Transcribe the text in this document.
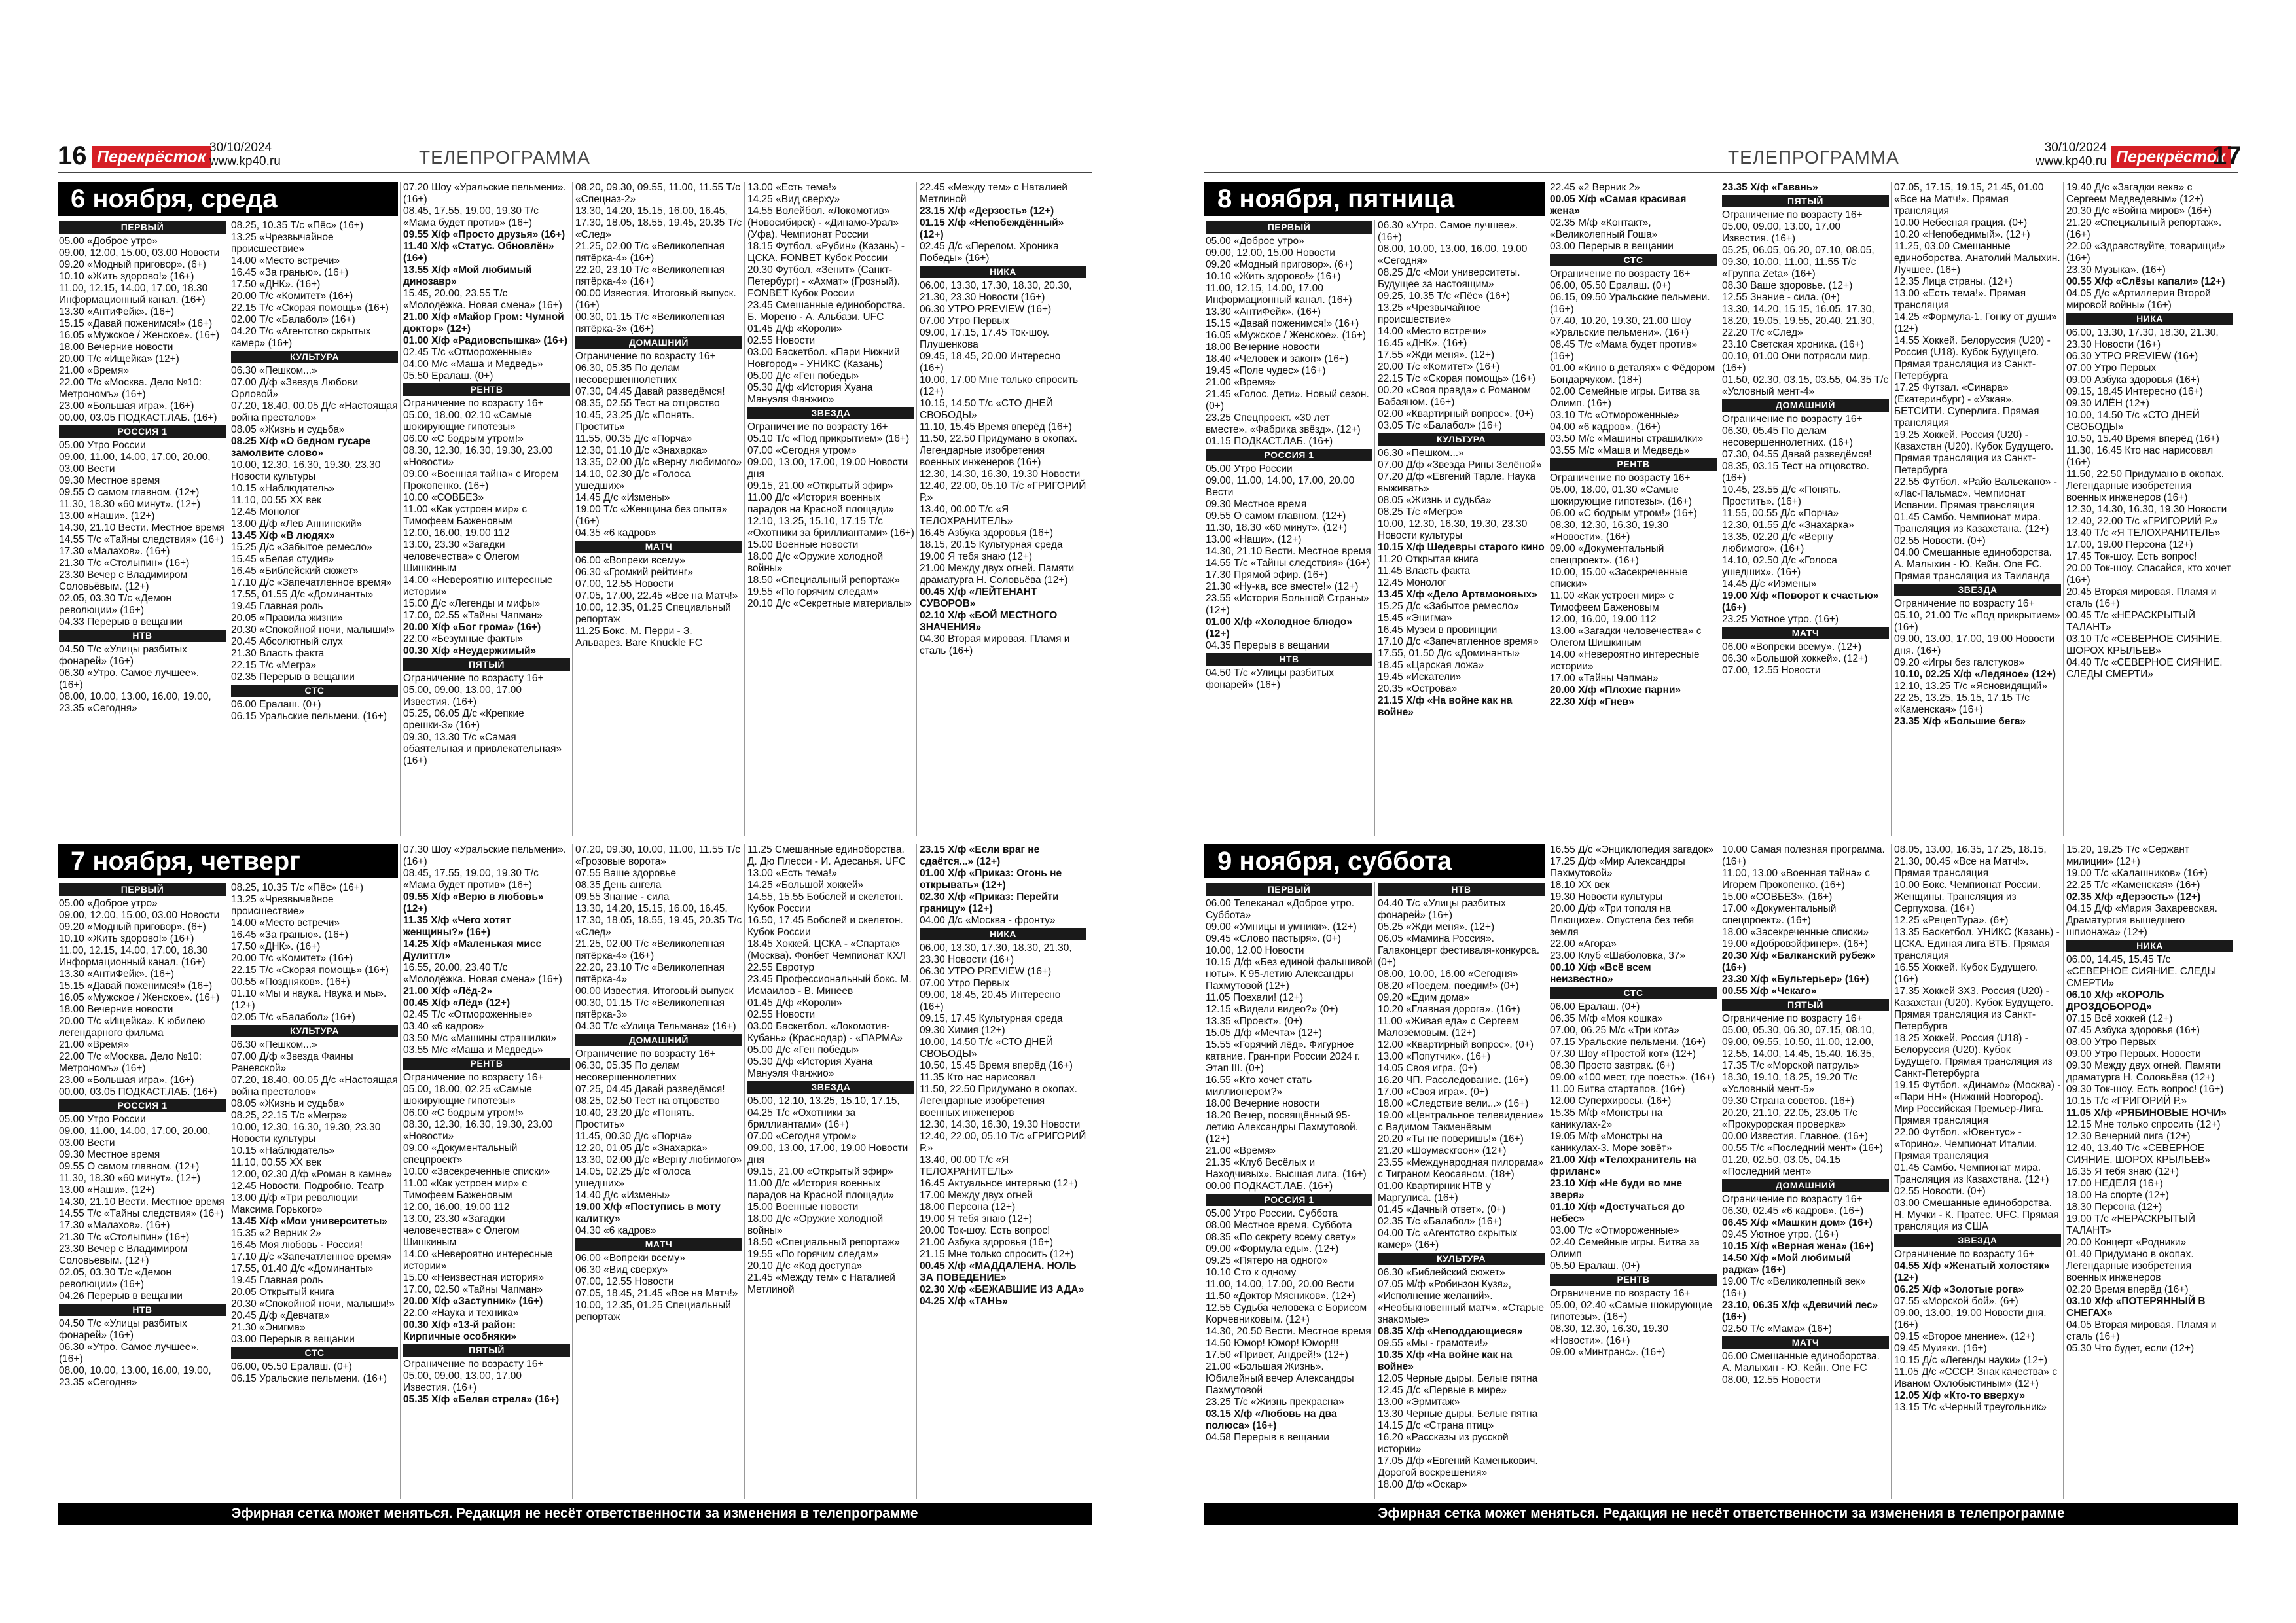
16 Перекрёсток
30/10/2024
www.kp40.ru	ТЕЛЕПРОГРАММА
ПЕРВЫЙ
05.00 «Доброе утро»
09.00, 12.00, 15.00, 03.00 Новости
09.20 «Модный приговор». (6+)
10.10 «Жить здорово!» (16+)
11.00, 12.15, 14.00, 17.00, 18.30 Информационный канал. (16+)
13.30 «АнтиФейк». (16+)
15.15 «Давай поженимся!» (16+)
16.05 «Мужское / Женское». (16+)
18.00 Вечерние новости
20.00 Т/с «Ищейка» (12+)
21.00 «Время»
22.00 Т/с «Москва. Дело №10: Метрономъ» (16+)
23.00 «Большая игра». (16+)
00.00, 03.05 ПОДКАСТ.ЛАБ. (16+)
РОССИЯ 1
05.00 Утро России
09.00, 11.00, 14.00, 17.00, 20.00, 03.00 Вести
09.30 Местное время
09.55 О самом главном. (12+)
11.30, 18.30 «60 минут». (12+)
13.00 «Наши». (12+)
14.30, 21.10 Вести. Местное время
14.55 Т/с «Тайны следствия» (16+)
17.30 «Малахов». (16+)
21.30 Т/с «Столыпин» (16+)
23.30 Вечер с Владимиром Соловьёвым. (12+)
02.05, 03.30 Т/с «Демон революции» (16+)
04.33 Перерыв в вещании
НТВ
04.50 Т/с «Улицы разбитых фонарей» (16+)
06.30 «Утро. Самое лучшее». (16+)
08.00, 10.00, 13.00, 16.00, 19.00, 23.35 «Сегодня»
08.25, 10.35 Т/с «Пёс» (16+)
13.25 «Чрезвычайное происшествие»
14.00 «Место встречи»
16.45 «За гранью». (16+)
17.50 «ДНК». (16+)
20.00 Т/с «Комитет» (16+)
22.15 Т/с «Скорая помощь» (16+)
02.00 Т/с «Балабол» (16+)
04.20 Т/с «Агентство скрытых камер» (16+)
КУЛЬТУРА
06.30 «Пешком...»
07.00 Д/ф «Звезда Любови Орловой»
07.20, 18.40, 00.05 Д/с «Настоящая война престолов»
08.05 «Жизнь и судьба»
08.25 Х/ф «О бедном гусаре замолвите слово»
10.00, 12.30, 16.30, 19.30, 23.30 Новости культуры
10.15 «Наблюдатель»
11.10, 00.55 ХХ век
12.45 Монолог
13.00 Д/ф «Лев Аннинский»
13.45 Х/ф «В людях»
15.25 Д/с «Забытое ремесло»
15.45 «Белая студия»
16.45 «Библейский сюжет»
17.10 Д/с «Запечатленное время»
17.55, 01.55 Д/с «Доминанты»
19.45 Главная роль
20.05 «Правила жизни»
20.30 «Спокойной ночи, малыши!»
20.45 Абсолютный слух
21.30 Власть факта
22.15 Т/с «Мегрэ»
02.35 Перерыв в вещании
СТС
06.00 Ералаш. (0+)
06.15 Уральские пельмени. (16+)
07.20 Шоу «Уральские пельмени». (16+)
08.45, 17.55, 19.00, 19.30 Т/с «Мама будет против» (16+)
09.55 Х/ф «Просто друзья» (16+)
11.40 Х/ф «Статус. Обновлён» (16+)
13.55 Х/ф «Мой любимый динозавр»
15.45, 20.00, 23.55 Т/с «Молодёжка. Новая смена» (16+)
21.00 Х/ф «Майор Гром: Чумной доктор» (12+)
01.00 Х/ф «Радиовспышка» (16+)
02.45 Т/с «Отмороженные»
04.00 М/с «Маша и Медведь»
05.50 Ералаш. (0+)
РЕНТВ
Ограничение по возрасту 16+
05.00, 18.00, 02.10 «Самые шокирующие гипотезы»
06.00 «С бодрым утром!»
08.30, 12.30, 16.30, 19.30, 23.00 «Новости»
09.00 «Военная тайна» с Игорем Прокопенко. (16+)
10.00 «СОВБЕЗ»
11.00 «Как устроен мир» с Тимофеем Баженовым
12.00, 16.00, 19.00 112
13.00, 23.30 «Загадки человечества» с Олегом Шишкиным
14.00 «Невероятно интересные истории»
15.00 Д/с «Легенды и мифы»
17.00, 02.55 «Тайны Чапман»
20.00 Х/ф «Бог грома» (16+)
22.00 «Безумные факты»
00.30 Х/ф «Неудержимый»
ПЯТЫЙ
Ограничение по возрасту 16+
05.00, 09.00, 13.00, 17.00 Известия. (16+)
05.25, 06.05 Д/с «Крепкие орешки-3» (16+)
09.30, 13.30 Т/с «Самая обаятельная и привлекательная» (16+)
08.20, 09.30, 09.55, 11.00, 11.55 Т/с «Спецназ-2»
13.30, 14.20, 15.15, 16.00, 16.45, 17.30, 18.05, 18.55, 19.45, 20.35 Т/с «След»
21.25, 02.00 Т/с «Великолепная пятёрка-4» (16+)
22.20, 23.10 Т/с «Великолепная пятёрка-4» (16+)
00.00 Известия. Итоговый выпуск. (16+)
00.30, 01.15 Т/с «Великолепная пятёрка-3» (16+)
ДОМАШНИЙ
Ограничение по возрасту 16+
06.30, 05.35 По делам несовершеннолетних
07.30, 04.45 Давай разведёмся!
08.35, 02.55 Тест на отцовство
10.45, 23.25 Д/с «Понять. Простить»
11.55, 00.35 Д/с «Порча»
12.30, 01.10 Д/с «Знахарка»
13.35, 02.00 Д/с «Верну любимого»
14.10, 02.30 Д/с «Голоса ушедших»
14.45 Д/с «Измены»
19.00 Т/с «Женщина без опыта» (16+)
04.35 «6 кадров»
МАТЧ
06.00 «Вопреки всему»
06.30 «Громкий рейтинг»
07.00, 12.55 Новости
07.05, 17.00, 22.45 «Все на Матч!»
10.00, 12.35, 01.25 Специальный репортаж
11.25 Бокс. М. Перри - З. Альварез. Bare Knuckle FC
13.00 «Есть тема!»
14.25 «Вид сверху»
14.55 Волейбол. «Локомотив» (Новосибирск) - «Динамо-Урал» (Уфа). Чемпионат России
18.15 Футбол. «Рубин» (Казань) - ЦСКА. FONBET Кубок России
20.30 Футбол. «Зенит» (Санкт-Петербург) - «Ахмат» (Грозный). FONBET Кубок России
23.45 Смешанные единоборства. Б. Морено - А. Альбази. UFC
01.45 Д/ф «Короли»
02.55 Новости
03.00 Баскетбол. «Пари Нижний Новгород» - УНИКС (Казань)
05.00 Д/с «Ген победы»
05.30 Д/ф «История Хуана Мануэля Фанжио»
ЗВЕЗДА
Ограничение по возрасту 16+
05.10 Т/с «Под прикрытием» (16+)
07.00 «Сегодня утром»
09.00, 13.00, 17.00, 19.00 Новости дня
09.15, 21.00 «Открытый эфир»
11.00 Д/с «История военных парадов на Красной площади»
12.10, 13.25, 15.10, 17.15 Т/с «Охотники за бриллиантами» (16+)
15.00 Военные новости
18.00 Д/с «Оружие холодной войны»
18.50 «Специальный репортаж»
19.55 «По горячим следам»
20.10 Д/с «Секретные материалы»
22.45 «Между тем» с Наталией Метлиной
23.15 Х/ф «Дерзость» (12+)
01.15 Х/ф «Непобеждённый» (12+)
02.45 Д/с «Перелом. Хроника Победы» (16+)
НИКА
06.00, 13.30, 17.30, 18.30, 20.30, 21.30, 23.30 Новости (16+)
06.30 УТРО PREVIEW (16+)
07.00 Утро Первых
09.00, 17.15, 17.45 Ток-шоу. Плушенкова
09.45, 18.45, 20.00 Интересно (16+)
10.00, 17.00 Мне только спросить (12+)
10.15, 14.50 Т/с «СТО ДНЕЙ СВОБОДЫ»
11.10, 15.45 Время вперёд (16+)
11.50, 22.50 Придумано в окопах. Легендарные изобретения военных инженеров (16+)
12.30, 14.30, 16.30, 19.30 Новости
12.40, 22.00, 05.10 Т/с «ГРИГОРИЙ Р.»
13.40, 00.00 Т/с «Я ТЕЛОХРАНИТЕЛЬ»
16.45 Азбука здоровья (16+)
18.15, 20.15 Культурная среда
19.00 Я тебя знаю (12+)
21.00 Между двух огней. Памяти драматурга Н. Соловьёва (12+)
00.45 Х/ф «ЛЕЙТЕНАНТ СУВОРОВ»
02.10 Х/ф «БОЙ МЕСТНОГО ЗНАЧЕНИЯ»
04.30 Вторая мировая. Пламя и сталь (16+)
6 ноября, среда
ПЕРВЫЙ
05.00 «Доброе утро»
09.00, 12.00, 15.00, 03.00 Новости
09.20 «Модный приговор». (6+)
10.10 «Жить здорово!» (16+)
11.00, 12.15, 14.00, 17.00, 18.30 Информационный канал. (16+)
13.30 «АнтиФейк». (16+)
15.15 «Давай поженимся!» (16+)
16.05 «Мужское / Женское». (16+)
18.00 Вечерние новости
20.00 Т/с «Ищейка». К юбилею легендарного фильма
21.00 «Время»
22.00 Т/с «Москва. Дело №10: Метрономъ» (16+)
23.00 «Большая игра». (16+)
00.00, 03.05 ПОДКАСТ.ЛАБ. (16+)
РОССИЯ 1
05.00 Утро России
09.00, 11.00, 14.00, 17.00, 20.00, 03.00 Вести
09.30 Местное время
09.55 О самом главном. (12+)
11.30, 18.30 «60 минут». (12+)
13.00 «Наши». (12+)
14.30, 21.10 Вести. Местное время
14.55 Т/с «Тайны следствия» (16+)
17.30 «Малахов». (16+)
21.30 Т/с «Столыпин» (16+)
23.30 Вечер с Владимиром Соловьёвым. (12+)
02.05, 03.30 Т/с «Демон революции» (16+)
04.26 Перерыв в вещании
НТВ
04.50 Т/с «Улицы разбитых фонарей» (16+)
06.30 «Утро. Самое лучшее». (16+)
08.00, 10.00, 13.00, 16.00, 19.00, 23.35 «Сегодня»
08.25, 10.35 Т/с «Пёс» (16+)
13.25 «Чрезвычайное происшествие»
14.00 «Место встречи»
16.45 «За гранью». (16+)
17.50 «ДНК». (16+)
20.00 Т/с «Комитет» (16+)
22.15 Т/с «Скорая помощь» (16+)
00.55 «Поздняков». (16+)
01.10 «Мы и наука. Наука и мы». (12+)
02.05 Т/с «Балабол» (16+)
КУЛЬТУРА
06.30 «Пешком...»
07.00 Д/ф «Звезда Фаины Раневской»
07.20, 18.40, 00.05 Д/с «Настоящая война престолов»
08.05 «Жизнь и судьба»
08.25, 22.15 Т/с «Мегрэ»
10.00, 12.30, 16.30, 19.30, 23.30 Новости культуры
10.15 «Наблюдатель»
11.10, 00.55 ХХ век
12.00, 02.30 Д/ф «Роман в камне»
12.45 Новости. Подробно. Театр
13.00 Д/ф «Три революции Максима Горького»
13.45 Х/ф «Мои университеты»
15.35 «2 Верник 2»
16.45 Моя любовь - Россия!
17.10 Д/с «Запечатленное время»
17.55, 01.40 Д/с «Доминанты»
19.45 Главная роль
20.05 Открытый книга
20.30 «Спокойной ночи, малыши!»
20.45 Д/ф «Девчата»
21.30 «Энигма»
03.00 Перерыв в вещании
СТС
06.00, 05.50 Ералаш. (0+)
06.15 Уральские пельмени. (16+)
07.30 Шоу «Уральские пельмени». (16+)
08.45, 17.55, 19.00, 19.30 Т/с «Мама будет против» (16+)
09.55 Х/ф «Верю в любовь» (12+)
11.35 Х/ф «Чего хотят женщины?» (16+)
14.25 Х/ф «Маленькая мисс Дулиттл»
16.55, 20.00, 23.40 Т/с «Молодёжка. Новая смена» (16+)
21.00 Х/ф «Лёд-2»
00.45 Х/ф «Лёд» (12+)
02.45 Т/с «Отмороженные»
03.40 «6 кадров»
03.50 М/с «Машины страшилки»
03.55 М/с «Маша и Медведь»
РЕНТВ
Ограничение по возрасту 16+
05.00, 18.00, 02.25 «Самые шокирующие гипотезы»
06.00 «С бодрым утром!»
08.30, 12.30, 16.30, 19.30, 23.00 «Новости»
09.00 «Документальный спецпроект»
10.00 «Засекреченные списки»
11.00 «Как устроен мир» с Тимофеем Баженовым
12.00, 16.00, 19.00 112
13.00, 23.30 «Загадки человечества» с Олегом Шишкиным
14.00 «Невероятно интересные истории»
15.00 «Неизвестная история»
17.00, 02.50 «Тайны Чапман»
20.00 Х/ф «Заступник» (16+)
22.00 «Наука и техника»
00.30 Х/ф «13-й район: Кирпичные особняки»
ПЯТЫЙ
Ограничение по возрасту 16+
05.00, 09.00, 13.00, 17.00 Известия. (16+)
05.35 Х/ф «Белая стрела» (16+)
07.20, 09.30, 10.00, 11.00, 11.55 Т/с «Грозовые ворота»
07.55 Ваше здоровье
08.35 День ангела
09.55 Знание - сила
13.30, 14.20, 15.15, 16.00, 16.45, 17.30, 18.05, 18.55, 19.45, 20.35 Т/с «След»
21.25, 02.00 Т/с «Великолепная пятёрка-4» (16+)
22.20, 23.10 Т/с «Великолепная пятёрка-4»
00.00 Известия. Итоговый выпуск
00.30, 01.15 Т/с «Великолепная пятёрка-3»
04.30 Т/с «Улица Тельмана» (16+)
ДОМАШНИЙ
Ограничение по возрасту 16+
06.30, 05.35 По делам несовершеннолетних
07.25, 04.45 Давай разведёмся!
08.25, 02.50 Тест на отцовство
10.40, 23.20 Д/с «Понять. Простить»
11.45, 00.30 Д/с «Порча»
12.20, 01.05 Д/с «Знахарка»
13.30, 02.00 Д/с «Верну любимого»
14.05, 02.25 Д/с «Голоса ушедших»
14.40 Д/с «Измены»
19.00 Х/ф «Поступись в моту калитку»
04.30 «6 кадров»
МАТЧ
06.00 «Вопреки всему»
06.30 «Вид сверху»
07.00, 12.55 Новости
07.05, 18.45, 21.45 «Все на Матч!»
10.00, 12.35, 01.25 Специальный репортаж
11.25 Смешанные единоборства. Д. Дю Плесси - И. Адесанья. UFC
13.00 «Есть тема!»
14.25 «Большой хоккей»
14.55, 15.55 Бобслей и скелетон. Кубок России
16.50, 17.45 Бобслей и скелетон. Кубок России
18.45 Хоккей. ЦСКА - «Спартак» (Москва). Фонбет Чемпионат КХЛ
22.55 Евротур
23.45 Профессиональный бокс. М. Исмаилов - В. Минеев
01.45 Д/ф «Короли»
02.55 Новости
03.00 Баскетбол. «Локомотив-Кубань» (Краснодар) - «ПАРМА»
05.00 Д/с «Ген победы»
05.30 Д/ф «История Хуана Мануэля Фанжио»
ЗВЕЗДА
05.00, 12.10, 13.25, 15.10, 17.15, 04.25 Т/с «Охотники за бриллиантами» (16+)
07.00 «Сегодня утром»
09.00, 13.00, 17.00, 19.00 Новости дня
09.15, 21.00 «Открытый эфир»
11.00 Д/с «История военных парадов на Красной площади»
15.00 Военные новости
18.00 Д/с «Оружие холодной войны»
18.50 «Специальный репортаж»
19.55 «По горячим следам»
20.10 Д/с «Код доступа»
21.45 «Между тем» с Наталией Метлиной
23.15 Х/ф «Если враг не сдаётся...» (12+)
01.00 Х/ф «Приказ: Огонь не открывать» (12+)
02.30 Х/ф «Приказ: Перейти границу» (12+)
04.00 Д/с «Москва - фронту»
НИКА
06.00, 13.30, 17.30, 18.30, 21.30, 23.30 Новости (16+)
06.30 УТРО PREVIEW (16+)
07.00 Утро Первых
09.00, 18.45, 20.45 Интересно (16+)
09.15, 17.45 Культурная среда
09.30 Химия (12+)
10.00, 14.50 Т/с «СТО ДНЕЙ СВОБОДЫ»
10.50, 15.45 Время вперёд (16+)
11.35 Кто нас нарисовал
11.50, 22.50 Придумано в окопах. Легендарные изобретения военных инженеров
12.30, 14.30, 16.30, 19.30 Новости
12.40, 22.00, 05.10 Т/с «ГРИГОРИЙ Р.»
13.40, 00.00 Т/с «Я ТЕЛОХРАНИТЕЛЬ»
16.45 Актуальное интервью (12+)
17.00 Между двух огней
18.00 Персона (12+)
19.00 Я тебя знаю (12+)
20.00 Ток-шоу. Есть вопрос!
21.00 Азбука здоровья (16+)
21.15 Мне только спросить (12+)
00.45 Х/ф «МАДДАЛЕНА. НОЛЬ ЗА ПОВЕДЕНИЕ»
02.30 Х/ф «БЕЖАВШИЕ ИЗ АДА»
04.25 Х/ф «ТАНЬ»
7 ноября, четверг
Эфирная сетка может меняться. Редакция не несёт ответственности за изменения в телепрограмме
ТЕЛЕПРОГРАММА	30/10/2024
www.kp40.ru Перекрёсток
17
ПЕРВЫЙ
05.00 «Доброе утро»
09.00, 12.00, 15.00 Новости
09.20 «Модный приговор». (6+)
10.10 «Жить здорово!» (16+)
11.00, 12.15, 14.00, 17.00 Информационный канал. (16+)
13.30 «АнтиФейк». (16+)
15.15 «Давай поженимся!» (16+)
16.05 «Мужское / Женское». (16+)
18.00 Вечерние новости
18.40 «Человек и закон» (16+)
19.45 «Поле чудес» (16+)
21.00 «Время»
21.45 «Голос. Дети». Новый сезон. (0+)
23.25 Спецпроект. «30 лет вместе». «Фабрика звёзд». (12+)
01.15 ПОДКАСТ.ЛАБ. (16+)
РОССИЯ 1
05.00 Утро России
09.00, 11.00, 14.00, 17.00, 20.00 Вести
09.30 Местное время
09.55 О самом главном. (12+)
11.30, 18.30 «60 минут». (12+)
13.00 «Наши». (12+)
14.30, 21.10 Вести. Местное время
14.55 Т/с «Тайны следствия» (16+)
17.30 Прямой эфир. (16+)
21.30 «Ну-ка, все вместе!» (12+)
23.55 «История Большой Страны» (12+)
01.00 Х/ф «Холодное блюдо» (12+)
04.35 Перерыв в вещании
НТВ
04.50 Т/с «Улицы разбитых фонарей» (16+)
06.30 «Утро. Самое лучшее». (16+)
08.00, 10.00, 13.00, 16.00, 19.00 «Сегодня»
08.25 Д/с «Мои университеты. Будущее за настоящим»
09.25, 10.35 Т/с «Пёс» (16+)
13.25 «Чрезвычайное происшествие»
14.00 «Место встречи»
16.45 «ДНК». (16+)
17.55 «Жди меня». (12+)
20.00 Т/с «Комитет» (16+)
22.15 Т/с «Скорая помощь» (16+)
00.20 «Своя правда» с Романом Бабаяном. (16+)
02.00 «Квартирный вопрос». (0+)
03.05 Т/с «Балабол» (16+)
КУЛЬТУРА
06.30 «Пешком...»
07.00 Д/ф «Звезда Рины Зелёной»
07.20 Д/ф «Евгений Тарле. Наука выживать»
08.05 «Жизнь и судьба»
08.25 Т/с «Мегрэ»
10.00, 12.30, 16.30, 19.30, 23.30 Новости культуры
10.15 Х/ф Шедевры старого кино
11.20 Открытая книга
11.45 Власть факта
12.45 Монолог
13.45 Х/ф «Дело Артамоновых»
15.25 Д/с «Забытое ремесло»
15.45 «Энигма»
16.45 Музеи в провинции
17.10 Д/с «Запечатленное время»
17.55, 01.50 Д/с «Доминанты»
18.45 «Царская ложа»
19.45 «Искатели»
20.35 «Острова»
21.15 Х/ф «На войне как на войне»
22.45 «2 Верник 2»
00.05 Х/ф «Самая красивая жена»
02.35 М/ф «Контакт», «Великолепный Гоша»
03.00 Перерыв в вещании
СТС
Ограничение по возрасту 16+
06.00, 05.50 Ералаш. (0+)
06.15, 09.50 Уральские пельмени. (16+)
07.40, 10.20, 19.30, 21.00 Шоу «Уральские пельмени». (16+)
08.45 Т/с «Мама будет против» (16+)
01.00 «Кино в деталях» с Фёдором Бондарчуком. (18+)
02.00 Семейные игры. Битва за Олимп. (16+)
03.10 Т/с «Отмороженные»
04.00 «6 кадров». (16+)
03.50 М/с «Машины страшилки»
03.55 М/с «Маша и Медведь»
РЕНТВ
Ограничение по возрасту 16+
05.00, 18.00, 01.30 «Самые шокирующие гипотезы». (16+)
06.00 «С бодрым утром!» (16+)
08.30, 12.30, 16.30, 19.30 «Новости». (16+)
09.00 «Документальный спецпроект». (16+)
10.00, 15.00 «Засекреченные списки»
11.00 «Как устроен мир» с Тимофеем Баженовым
12.00, 16.00, 19.00 112
13.00 «Загадки человечества» с Олегом Шишкиным
14.00 «Невероятно интересные истории»
17.00 «Тайны Чапман»
20.00 Х/ф «Плохие парни»
22.30 Х/ф «Гнев»
23.35 Х/ф «Гавань»
ПЯТЫЙ
Ограничение по возрасту 16+
05.00, 09.00, 13.00, 17.00 Известия. (16+)
05.25, 06.05, 06.20, 07.10, 08.05, 09.30, 10.00, 11.00, 11.55 Т/с «Группа Zeta» (16+)
08.30 Ваше здоровье. (12+)
12.55 Знание - сила. (0+)
13.30, 14.20, 15.15, 16.05, 17.30, 18.20, 19.05, 19.55, 20.40, 21.30, 22.20 Т/с «След»
23.10 Светская хроника. (16+)
00.10, 01.00 Они потрясли мир. (16+)
01.50, 02.30, 03.15, 03.55, 04.35 Т/с «Условный мент-4»
ДОМАШНИЙ
Ограничение по возрасту 16+
06.30, 05.45 По делам несовершеннолетних. (16+)
07.30, 04.55 Давай разведёмся!
08.35, 03.15 Тест на отцовство. (16+)
10.45, 23.55 Д/с «Понять. Простить». (16+)
11.55, 00.55 Д/с «Порча»
12.30, 01.55 Д/с «Знахарка»
13.35, 02.20 Д/с «Верну любимого». (16+)
14.10, 02.50 Д/с «Голоса ушедших». (16+)
14.45 Д/с «Измены»
19.00 Х/ф «Поворот к счастью» (16+)
23.25 Уютное утро. (16+)
МАТЧ
06.00 «Вопреки всему». (12+)
06.30 «Большой хоккей». (12+)
07.00, 12.55 Новости
07.05, 17.15, 19.15, 21.45, 01.00 «Все на Матч!». Прямая трансляция
10.00 Небесная грация. (0+)
10.20 «Непобедимый». (12+)
11.25, 03.00 Смешанные единоборства. Анатолий Малыхин. Лучшее. (16+)
12.35 Лица страны. (12+)
13.00 «Есть тема!». Прямая трансляция
14.25 «Формула-1. Гонку от души» (12+)
14.55 Хоккей. Белоруссия (U20) - Россия (U18). Кубок Будущего. Прямая трансляция из Санкт-Петербурга
17.25 Футзал. «Синара» (Екатеринбург) - «Узкая». БЕТСИТИ. Суперлига. Прямая трансляция
19.25 Хоккей. Россия (U20) - Казахстан (U20). Кубок Будущего. Прямая трансляция из Санкт-Петербурга
22.55 Футбол. «Райо Вальекано» - «Лас-Пальмас». Чемпионат Испании. Прямая трансляция
01.45 Самбо. Чемпионат мира. Трансляция из Казахстана. (12+)
02.55 Новости. (0+)
04.00 Смешанные единоборства. А. Малыхин - Ю. Кейн. One FC. Прямая трансляция из Таиланда
ЗВЕЗДА
Ограничение по возрасту 16+
05.10, 21.00 Т/с «Под прикрытием» (16+)
09.00, 13.00, 17.00, 19.00 Новости дня. (16+)
09.20 «Игры без галстуков»
10.10, 02.25 Х/ф «Ледяное» (12+)
12.10, 13.25 Т/с «Ясновидящий»
22.25, 13.25, 15.15, 17.15 Т/с «Каменская» (16+)
23.35 Х/ф «Большие бега»
19.40 Д/с «Загадки века» с Сергеем Медведевым» (12+)
20.30 Д/с «Война миров» (16+)
21.20 «Специальный репортаж». (16+)
22.00 «Здравствуйте, товарищи!» (16+)
23.30 Музыка». (16+)
00.55 Х/ф «Слёзы капали» (12+)
04.05 Д/с «Артиллерия Второй мировой войны» (16+)
НИКА
06.00, 13.30, 17.30, 18.30, 21.30, 23.30 Новости (16+)
06.30 УТРО PREVIEW (16+)
07.00 Утро Первых
09.00 Азбука здоровья (16+)
09.15, 18.45 Интересно (16+)
09.30 ИЛЁН (12+)
10.00, 14.50 Т/с «СТО ДНЕЙ СВОБОДЫ»
10.50, 15.40 Время вперёд (16+)
11.30, 16.45 Кто нас нарисовал (16+)
11.50, 22.50 Придумано в окопах. Легендарные изобретения военных инженеров (16+)
12.30, 14.30, 16.30, 19.30 Новости
12.40, 22.00 Т/с «ГРИГОРИЙ Р.»
13.40 Т/с «Я ТЕЛОХРАНИТЕЛЬ»
17.00, 19.00 Персона (12+)
17.45 Ток-шоу. Есть вопрос!
20.00 Ток-шоу. Спасайся, кто хочет (16+)
20.45 Вторая мировая. Пламя и сталь (16+)
00.45 Т/с «НЕРАСКРЫТЫЙ ТАЛАНТ»
03.10 Т/с «СЕВЕРНОЕ СИЯНИЕ. ШОРОХ КРЫЛЬЕВ»
04.40 Т/с «СЕВЕРНОЕ СИЯНИЕ. СЛЕДЫ СМЕРТИ»
8 ноября, пятница
ПЕРВЫЙ
06.00 Телеканал «Доброе утро. Суббота»
09.00 «Умницы и умники». (12+)
09.45 «Слово пастыря». (0+)
10.00, 12.00 Новости
10.15 Д/ф «Без единой фальшивой ноты». К 95-летию Александры Пахмутовой (12+)
11.05 Поехали! (12+)
12.15 «Видели видео?» (0+)
13.35 «Проект». (0+)
15.05 Д/ф «Мечта» (12+)
15.55 «Горячий лёд». Фигурное катание. Гран-при России 2024 г. Этап III. (0+)
16.55 «Кто хочет стать миллионером?»
18.00 Вечерние новости
18.20 Вечер, посвящённый 95-летию Александры Пахмутовой. (12+)
21.00 «Время»
21.35 «Клуб Весёлых и Находчивых». Высшая лига. (16+)
00.00 ПОДКАСТ.ЛАБ. (16+)
РОССИЯ 1
05.00 Утро России. Суббота
08.00 Местное время. Суббота
08.35 «По секрету всему свету»
09.00 «Формула еды». (12+)
09.25 «Пятеро на одного»
10.10 Сто к одному
11.00, 14.00, 17.00, 20.00 Вести
11.50 «Доктор Мясников». (12+)
12.55 Судьба человека с Борисом Корчевниковым. (12+)
14.30, 20.50 Вести. Местное время
14.50 Юмор! Юмор! Юмор!!!
17.50 «Привет, Андрей!» (12+)
21.00 «Большая Жизнь». Юбилейный вечер Александры Пахмутовой
23.25 Т/с «Жизнь прекрасна»
03.15 Х/ф «Любовь на два полюса» (16+)
04.58 Перерыв в вещании
НТВ
04.40 Т/с «Улицы разбитых фонарей» (16+)
05.25 «Жди меня». (12+)
06.05 «Мамина Россия». Галаконцерт фестиваля-конкурса. (0+)
08.00, 10.00, 16.00 «Сегодня»
08.20 «Поедем, поедим!» (0+)
09.20 «Едим дома»
10.20 «Главная дорога». (16+)
11.00 «Живая еда» с Сергеем Малозёмовым. (12+)
12.00 «Квартирный вопрос». (0+)
13.00 «Попутчик». (16+)
14.05 Своя игра. (0+)
16.20 ЧП. Расследование. (16+)
17.00 «Своя игра». (0+)
18.00 «Следствие вели...» (16+)
19.00 «Центральное телевидение» с Вадимом Такменёвым
20.20 «Ты не поверишь!» (16+)
21.20 «Шоумаскгоон» (12+)
23.55 «Международная пилорама» с Тиграном Кеосаяном. (18+)
01.00 Квартирник НТВ у Маргулиса. (16+)
01.45 «Дачный ответ». (0+)
02.35 Т/с «Балабол» (16+)
04.00 Т/с «Агентство скрытых камер» (16+)
КУЛЬТУРА
06.30 «Библейский сюжет»
07.05 М/ф «Робинзон Кузя», «Исполнение желаний». «Необыкновенный матч». «Старые знакомые»
08.35 Х/ф «Неподдающиеся»
09.55 «Мы - грамотеи!»
10.35 Х/ф «На войне как на войне»
12.05 Черные дыры. Белые пятна
12.45 Д/с «Первые в мире»
13.00 «Эрмитаж»
13.30 Черные дыры. Белые пятна
14.15 Д/с «Страна птиц»
16.20 «Рассказы из русской истории»
17.05 Д/ф «Евгений Каменькович. Дорогой воскрешения»
18.00 Д/ф «Оскар»
16.55 Д/с «Энциклопедия загадок»
17.25 Д/ф «Мир Александры Пахмутовой»
18.10 ХХ век
19.30 Новости культуры
20.00 Д/ф «Три тополя на Плющихе». Опустела без тебя земля
22.00 «Агора»
23.00 Клуб «Шаболовка, 37»
00.10 Х/ф «Всё всем неизвестно»
СТС
06.00 Ералаш. (0+)
06.35 М/ф «Моя кошка»
07.00, 06.25 М/с «Три кота»
07.15 Уральские пельмени. (16+)
07.30 Шоу «Простой кот» (12+)
08.30 Просто завтрак. (6+)
09.00 «100 мест, где поесть». (16+)
11.00 Битва стартапов. (16+)
12.00 Суперхиросы. (16+)
15.35 М/ф «Монстры на каникулах-2»
19.05 М/ф «Монстры на каникулах-3. Море зовёт»
21.00 Х/ф «Телохранитель на фриланс»
23.10 Х/ф «Не буди во мне зверя»
01.10 Х/ф «Достучаться до небес»
03.00 Т/с «Отмороженные»
02.40 Семейные игры. Битва за Олимп
05.50 Ералаш. (0+)
РЕНТВ
Ограничение по возрасту 16+
05.00, 02.40 «Самые шокирующие гипотезы». (16+)
08.30, 12.30, 16.30, 19.30 «Новости». (16+)
09.00 «Минтранс». (16+)
10.00 Самая полезная программа. (16+)
11.00, 13.00 «Военная тайна» с Игорем Прокопенко. (16+)
15.00 «СОВБЕЗ». (16+)
17.00 «Документальный спецпроект». (16+)
18.00 «Засекреченные списки»
19.00 «Добровэйфинер». (16+)
20.30 Х/ф «Балканский рубеж» (16+)
23.30 Х/ф «Бультерьер» (16+)
00.55 Х/ф «Чекаго»
ПЯТЫЙ
Ограничение по возрасту 16+
05.00, 05.30, 06.30, 07.15, 08.10, 09.00, 09.55, 10.50, 11.00, 12.00, 12.55, 14.00, 14.45, 15.40, 16.35, 17.35 Т/с «Морской патруль»
18.30, 19.10, 18.25, 19.20 Т/с «Условный мент-5»
09.30 Страна советов. (16+)
20.20, 21.10, 22.05, 23.05 Т/с «Прокурорская проверка»
00.00 Известия. Главное. (16+)
00.55 Т/с «Последний мент» (16+)
01.20, 02.50, 03.05, 04.15 «Последний мент»
ДОМАШНИЙ
Ограничение по возрасту 16+
06.30, 02.45 «6 кадров». (16+)
06.45 Х/ф «Машкин дом» (16+)
09.45 Уютное утро. (16+)
10.15 Х/ф «Верная жена» (16+)
14.50 Х/ф «Мой любимый раджа» (16+)
19.00 Т/с «Великолепный век» (16+)
23.10, 06.35 Х/ф «Девичий лес» (16+)
02.50 Т/с «Мама» (16+)
МАТЧ
06.00 Смешанные единоборства. А. Малыхин - Ю. Кейн. One FC
08.00, 12.55 Новости
08.05, 13.00, 16.35, 17.25, 18.15, 21.30, 00.45 «Все на Матч!». Прямая трансляция
10.00 Бокс. Чемпионат России. Женщины. Трансляция из Серпухова. (16+)
12.25 «РецепТура». (6+)
13.35 Баскетбол. УНИКС (Казань) - ЦСКА. Единая лига ВТБ. Прямая трансляция
16.55 Хоккей. Кубок Будущего. (16+)
17.35 Хоккей 3Х3. Россия (U20) - Казахстан (U20). Кубок Будущего. Прямая трансляция из Санкт-Петербурга
18.25 Хоккей. Россия (U18) - Белоруссия (U20). Кубок Будущего. Прямая трансляция из Санкт-Петербурга
19.15 Футбол. «Динамо» (Москва) - «Пари НН» (Нижний Новгород). Мир Российская Премьер-Лига. Прямая трансляция
22.00 Футбол. «Ювентус» - «Торино». Чемпионат Италии. Прямая трансляция
01.45 Самбо. Чемпионат мира. Трансляция из Казахстана. (12+)
02.55 Новости. (0+)
03.00 Смешанные единоборства. Н. Мучки - К. Пратес. UFC. Прямая трансляция из США
ЗВЕЗДА
Ограничение по возрасту 16+
04.55 Х/ф «Женатый холостяк» (12+)
06.25 Х/ф «Золотые рога»
07.55 «Морской бой». (6+)
09.00, 13.00, 19.00 Новости дня. (16+)
09.15 «Второе мнение». (12+)
09.45 Муияки. (16+)
10.15 Д/с «Легенды науки» (12+)
11.05 Д/с «СССР. Знак качества» с Иваном Охлобыстиным» (12+)
12.05 Х/ф «Кто-то вверху»
13.15 Т/с «Черный треугольник»
15.20, 19.25 Т/с «Сержант милиции» (12+)
19.00 Т/с «Калашников» (16+)
22.25 Т/с «Каменская» (16+)
02.35 Х/ф «Дерзость» (12+)
04.15 Д/ф «Мария Захаревская. Драматургия вышедшего шпионажа» (12+)
НИКА
06.00, 14.45, 15.45 Т/с «СЕВЕРНОЕ СИЯНИЕ. СЛЕДЫ СМЕРТИ»
06.10 Х/ф «КОРОЛЬ ДРОЗДОБОРОД»
07.15 Всё хоккей (12+)
07.45 Азбука здоровья (16+)
08.00 Утро Первых
09.00 Утро Первых. Новости
09.30 Между двух огней. Памяти драматурга Н. Соловьёва (12+)
09.30 Ток-шоу. Есть вопрос! (16+)
10.15 Т/с «ГРИГОРИЙ Р.»
11.05 Х/ф «РЯБИНОВЫЕ НОЧИ»
12.15 Мне только спросить (12+)
12.30 Вечерний лига (12+)
12.40, 13.40 Т/с «СЕВЕРНОЕ СИЯНИЕ. ШОРОХ КРЫЛЬЕВ»
16.35 Я тебя знаю (12+)
17.00 НЕДЕЛЯ (16+)
18.00 На спорте (12+)
18.30 Персона (12+)
19.00 Т/с «НЕРАСКРЫТЫЙ ТАЛАНТ»
20.00 Концерт «Родники»
01.40 Придумано в окопах. Легендарные изобретения военных инженеров
02.20 Время вперёд (16+)
03.10 Х/ф «ПОТЕРЯННЫЙ В СНЕГАХ»
04.05 Вторая мировая. Пламя и сталь (16+)
05.30 Что будет, если (12+)
9 ноября, суббота
Эфирная сетка может меняться. Редакция не несёт ответственности за изменения в телепрограмме
